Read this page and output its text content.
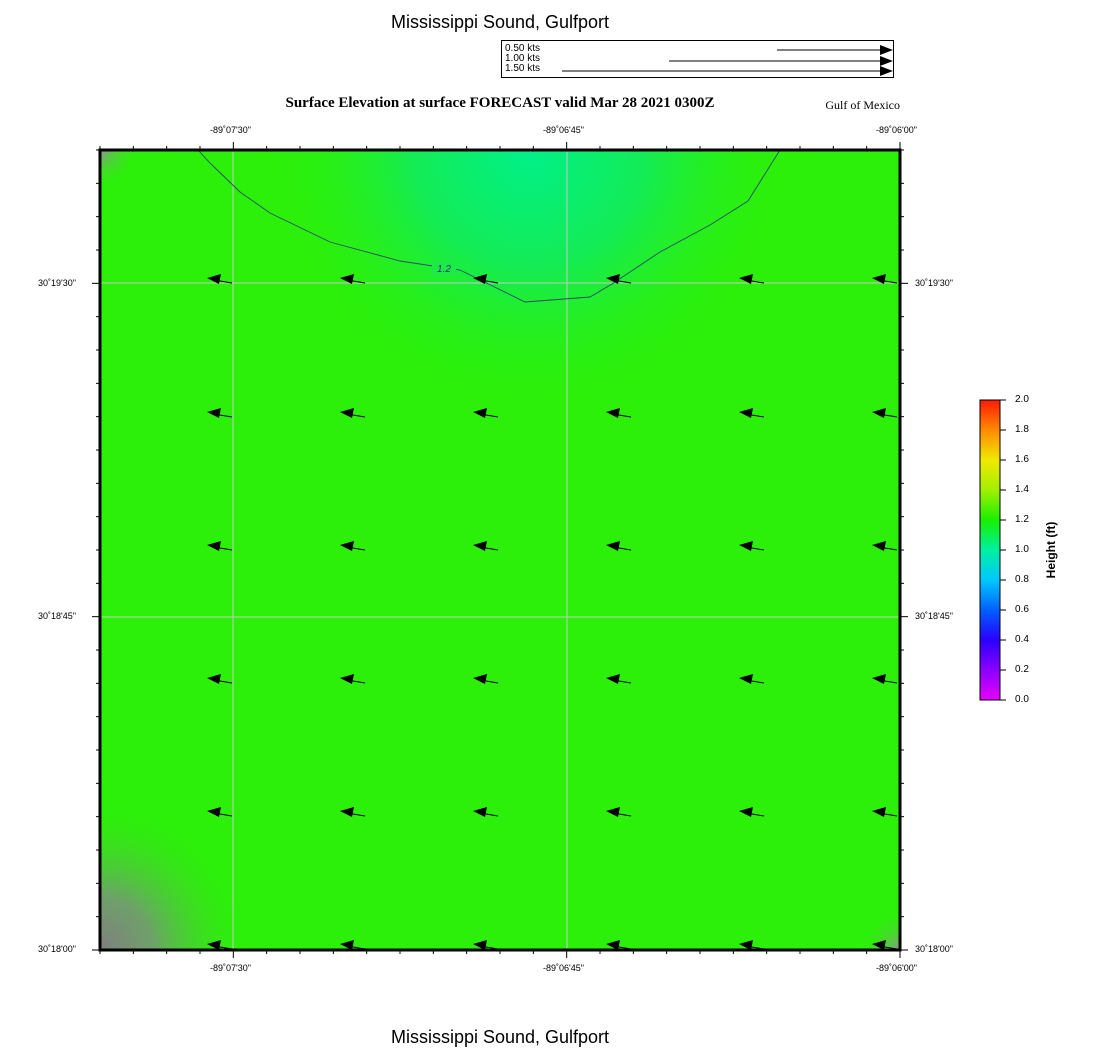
Mississippi Sound, Gulfport
0.50 kts
1.00 kts
1.50 kts
Surface Elevation at surface FORECAST valid Mar 28 2021 0300Z	Gulf of Mexico
1.2
-89˚07'30"	-89˚06'45"	-89˚06'00"
-89˚07'30"	-89˚06'45"	-89˚06'00"
30˚19'30"
30˚18'45"
30˚18'00"
30˚19'30"
30˚18'45"
30˚18'00"
2.0
1.8
1.6
1.4
1.2
1.0
0.8
0.6
0.4
0.2
0.0
Height (ft)
Mississippi Sound, Gulfport
